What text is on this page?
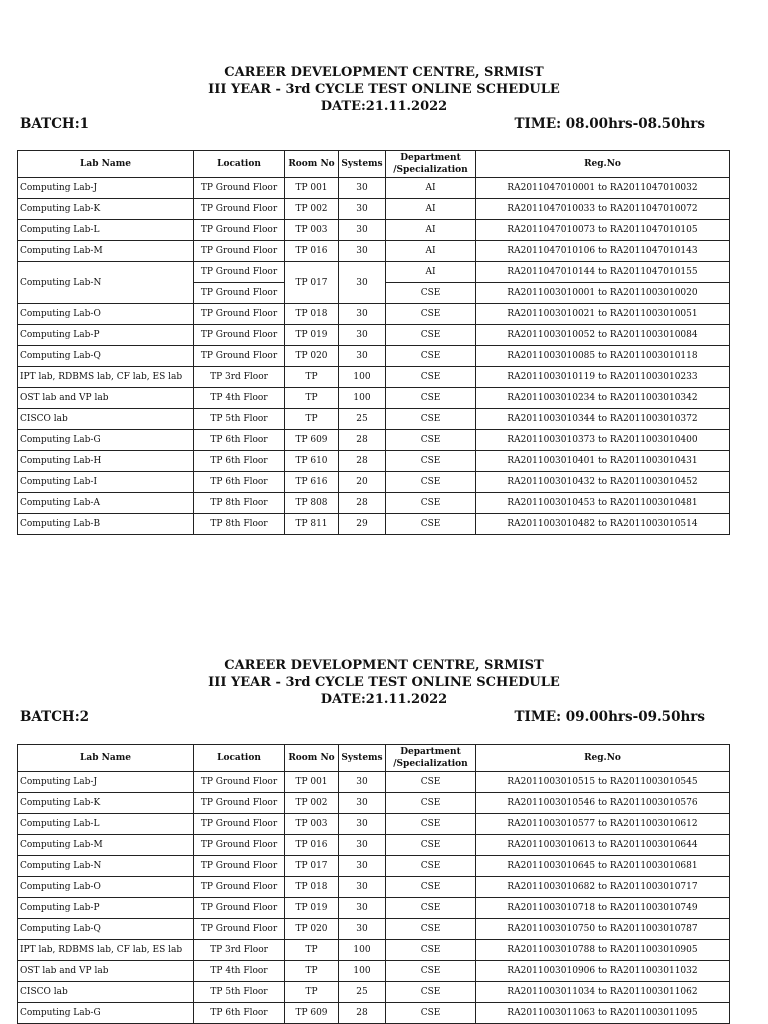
CAREER DEVELOPMENT CENTRE, SRMIST
III YEAR - 3rd CYCLE TEST ONLINE SCHEDULE
DATE:21.11.2022
BATCH:1	TIME: 08.00hrs-08.50hrs
Lab Name	Location	Room No	Systems	Department /Specialization	Reg.No
Computing Lab-J	TP Ground Floor	TP 001	30	AI	RA2011047010001 to RA2011047010032
Computing Lab-K	TP Ground Floor	TP 002	30	AI	RA2011047010033 to RA2011047010072
Computing Lab-L	TP Ground Floor	TP 003	30	AI	RA2011047010073 to RA2011047010105
Computing Lab-M	TP Ground Floor	TP 016	30	AI	RA2011047010106 to RA2011047010143
Computing Lab-N	TP Ground Floor	TP 017	30	AI	RA2011047010144 to RA2011047010155
	TP Ground Floor			CSE	RA2011003010001 to RA2011003010020
Computing Lab-O	TP Ground Floor	TP 018	30	CSE	RA2011003010021 to RA2011003010051
Computing Lab-P	TP Ground Floor	TP 019	30	CSE	RA2011003010052 to RA2011003010084
Computing Lab-Q	TP Ground Floor	TP 020	30	CSE	RA2011003010085 to RA2011003010118
IPT lab, RDBMS lab, CF lab, ES lab	TP 3rd Floor	TP	100	CSE	RA2011003010119 to RA2011003010233
OST lab and VP lab	TP 4th Floor	TP	100	CSE	RA2011003010234 to RA2011003010342
CISCO lab	TP 5th Floor	TP	25	CSE	RA2011003010344 to RA2011003010372
Computing Lab-G	TP 6th Floor	TP 609	28	CSE	RA2011003010373 to RA2011003010400
Computing Lab-H	TP 6th Floor	TP 610	28	CSE	RA2011003010401 to RA2011003010431
Computing Lab-I	TP 6th Floor	TP 616	20	CSE	RA2011003010432 to RA2011003010452
Computing Lab-A	TP 8th Floor	TP 808	28	CSE	RA2011003010453 to RA2011003010481
Computing Lab-B	TP 8th Floor	TP 811	29	CSE	RA2011003010482 to RA2011003010514
CAREER DEVELOPMENT CENTRE, SRMIST
III YEAR - 3rd CYCLE TEST ONLINE SCHEDULE
DATE:21.11.2022
BATCH:2	TIME: 09.00hrs-09.50hrs
Lab Name	Location	Room No	Systems	Department /Specialization	Reg.No
Computing Lab-J	TP Ground Floor	TP 001	30	CSE	RA2011003010515 to RA2011003010545
Computing Lab-K	TP Ground Floor	TP 002	30	CSE	RA2011003010546 to RA2011003010576
Computing Lab-L	TP Ground Floor	TP 003	30	CSE	RA2011003010577 to RA2011003010612
Computing Lab-M	TP Ground Floor	TP 016	30	CSE	RA2011003010613 to RA2011003010644
Computing Lab-N	TP Ground Floor	TP 017	30	CSE	RA2011003010645 to RA2011003010681
Computing Lab-O	TP Ground Floor	TP 018	30	CSE	RA2011003010682 to RA2011003010717
Computing Lab-P	TP Ground Floor	TP 019	30	CSE	RA2011003010718 to RA2011003010749
Computing Lab-Q	TP Ground Floor	TP 020	30	CSE	RA2011003010750 to RA2011003010787
IPT lab, RDBMS lab, CF lab, ES lab	TP 3rd Floor	TP	100	CSE	RA2011003010788 to RA2011003010905
OST lab and VP lab	TP 4th Floor	TP	100	CSE	RA2011003010906 to RA2011003011032
CISCO lab	TP 5th Floor	TP	25	CSE	RA2011003011034 to RA2011003011062
Computing Lab-G	TP 6th Floor	TP 609	28	CSE	RA2011003011063 to RA2011003011095
